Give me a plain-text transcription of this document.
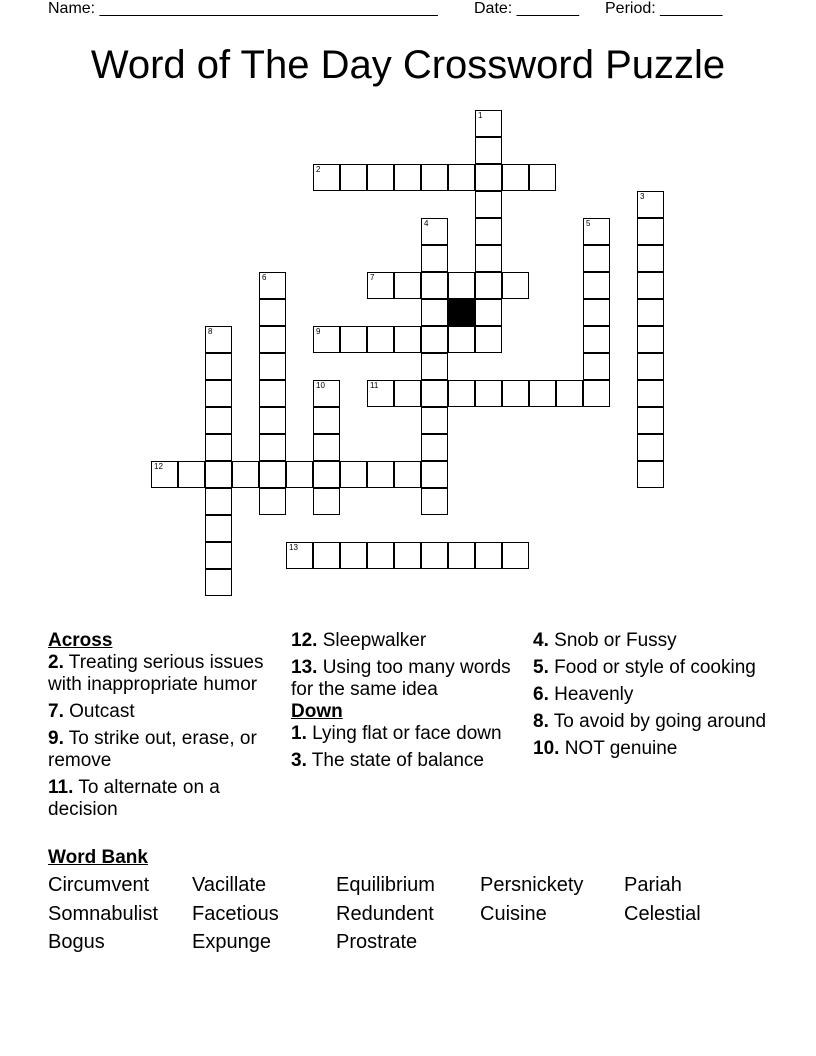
Name: ______________________________________ Date: _______ Period: _______
Word of The Day Crossword Puzzle
1
2
3
4	5
6	7
8	9
10	11
12
13
Across
2. Treating serious issues with inappropriate humor
7. Outcast
9. To strike out, erase, or remove
11. To alternate on a decision
12. Sleepwalker
13. Using too many words for the same idea
Down
1. Lying flat or face down
3. The state of balance
4. Snob or Fussy
5. Food or style of cooking
6. Heavenly
8. To avoid by going around
10. NOT genuine
Word Bank
Circumvent Vacillate	Equilibrium Persnickety Pariah
Somnabulist Facetious	Redundent Cuisine	Celestial
Bogus	Expunge	Prostrate
